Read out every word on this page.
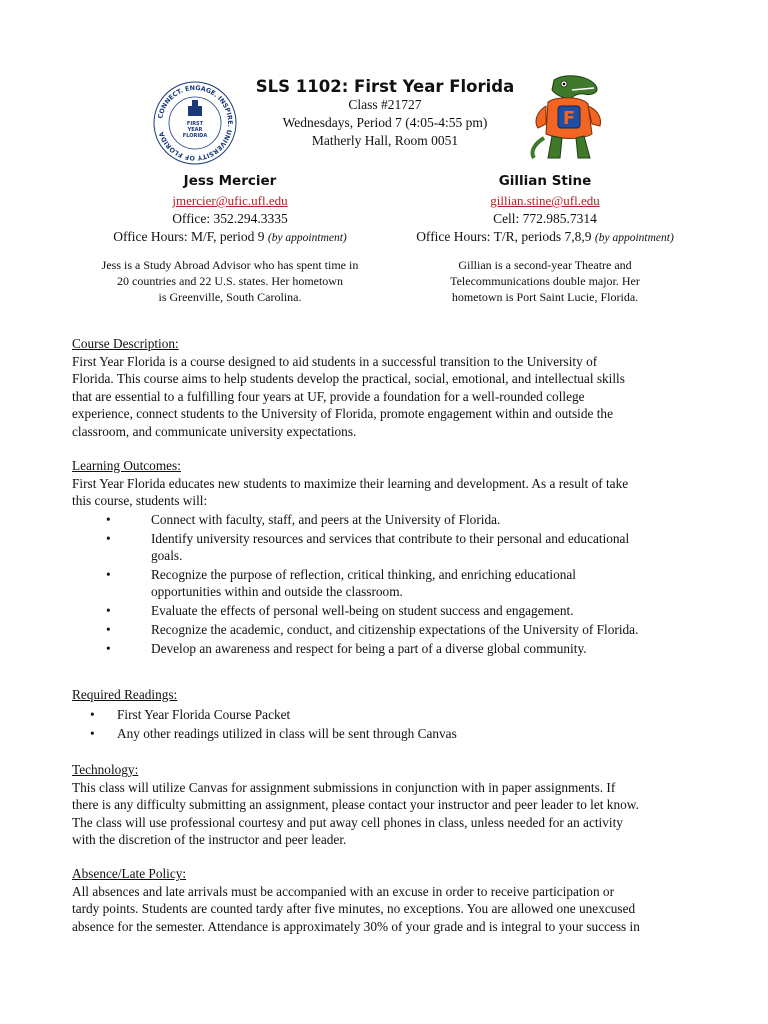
CONNECT. ENGAGE. INSPIRE. UNIVERSITY OF FLORIDA
FIRST
YEAR
FLORIDA
F
SLS 1102: First Year Florida
Class #21727
Wednesdays, Period 7 (4:05-4:55 pm)
Matherly Hall, Room 0051
Jess Mercier
jmercier@ufic.ufl.edu
Office: 352.294.3335
Office Hours: M/F, period 9 (by appointment)
Jess is a Study Abroad Advisor who has spent time in
20 countries and 22 U.S. states. Her hometown
is Greenville, South Carolina.
Gillian Stine
gillian.stine@ufl.edu
Cell: 772.985.7314
Office Hours: T/R, periods 7,8,9 (by appointment)
Gillian is a second-year Theatre and
Telecommunications double major. Her
hometown is Port Saint Lucie, Florida.
Course Description:
First Year Florida is a course designed to aid students in a successful transition to the University of
Florida. This course aims to help students develop the practical, social, emotional, and intellectual skills
that are essential to a fulfilling four years at UF, provide a foundation for a well-rounded college
experience, connect students to the University of Florida, promote engagement within and outside the
classroom, and communicate university expectations.
Learning Outcomes:
First Year Florida educates new students to maximize their learning and development. As a result of take
this course, students will:
•	Connect with faculty, staff, and peers at the University of Florida.
•	Identify university resources and services that contribute to their personal and educational
goals.
•	Recognize the purpose of reflection, critical thinking, and enriching educational
opportunities within and outside the classroom.
•	Evaluate the effects of personal well-being on student success and engagement.
•	Recognize the academic, conduct, and citizenship expectations of the University of Florida.
•	Develop an awareness and respect for being a part of a diverse global community.
Required Readings:
• First Year Florida Course Packet
• Any other readings utilized in class will be sent through Canvas
Technology:
This class will utilize Canvas for assignment submissions in conjunction with in paper assignments. If
there is any difficulty submitting an assignment, please contact your instructor and peer leader to let know.
The class will use professional courtesy and put away cell phones in class, unless needed for an activity
with the discretion of the instructor and peer leader.
Absence/Late Policy:
All absences and late arrivals must be accompanied with an excuse in order to receive participation or
tardy points. Students are counted tardy after five minutes, no exceptions. You are allowed one unexcused
absence for the semester. Attendance is approximately 30% of your grade and is integral to your success in
